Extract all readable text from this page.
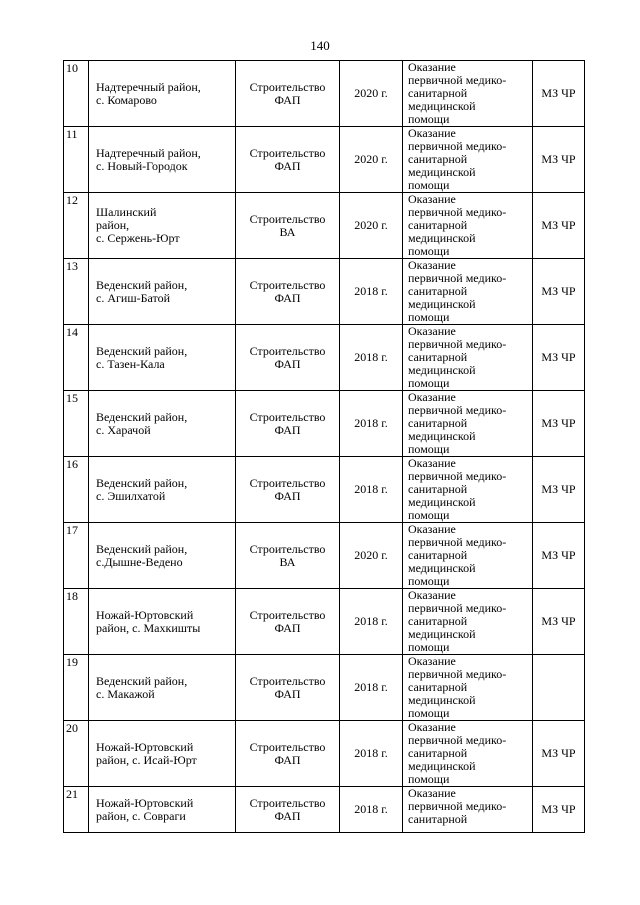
140
10	Надтеречный район,
с. Комарово	Строительство
ФАП	2020 г.	Оказание
первичной медико-
санитарной
медицинской
помощи	МЗ ЧР
11	Надтеречный район,
с. Новый-Городок	Строительство
ФАП	2020 г.	Оказание
первичной медико-
санитарной
медицинской
помощи	МЗ ЧР
12	Шалинский
район,
с. Сержень-Юрт	Строительство
ВА	2020 г.	Оказание
первичной медико-
санитарной
медицинской
помощи	МЗ ЧР
13	Веденский район,
с. Агиш-Батой	Строительство
ФАП	2018 г.	Оказание
первичной медико-
санитарной
медицинской
помощи	МЗ ЧР
14	Веденский район,
с. Тазен-Кала	Строительство
ФАП	2018 г.	Оказание
первичной медико-
санитарной
медицинской
помощи	МЗ ЧР
15	Веденский район,
с. Харачой	Строительство
ФАП	2018 г.	Оказание
первичной медико-
санитарной
медицинской
помощи	МЗ ЧР
16	Веденский район,
с. Эшилхатой	Строительство
ФАП	2018 г.	Оказание
первичной медико-
санитарной
медицинской
помощи	МЗ ЧР
17	Веденский район,
с.Дышне-Ведено	Строительство
ВА	2020 г.	Оказание
первичной медико-
санитарной
медицинской
помощи	МЗ ЧР
18	Ножай-Юртовский
район, с. Махкишты	Строительство
ФАП	2018 г.	Оказание
первичной медико-
санитарной
медицинской
помощи	МЗ ЧР
19	Веденский район,
с. Макажой	Строительство
ФАП	2018 г.	Оказание
первичной медико-
санитарной
медицинской
помощи	
20	Ножай-Юртовский
район, с. Исай-Юрт	Строительство
ФАП	2018 г.	Оказание
первичной медико-
санитарной
медицинской
помощи	МЗ ЧР
21	Ножай-Юртовский
район, с. Совраги	Строительство
ФАП	2018 г.	Оказание
первичной медико-
санитарной	МЗ ЧР
